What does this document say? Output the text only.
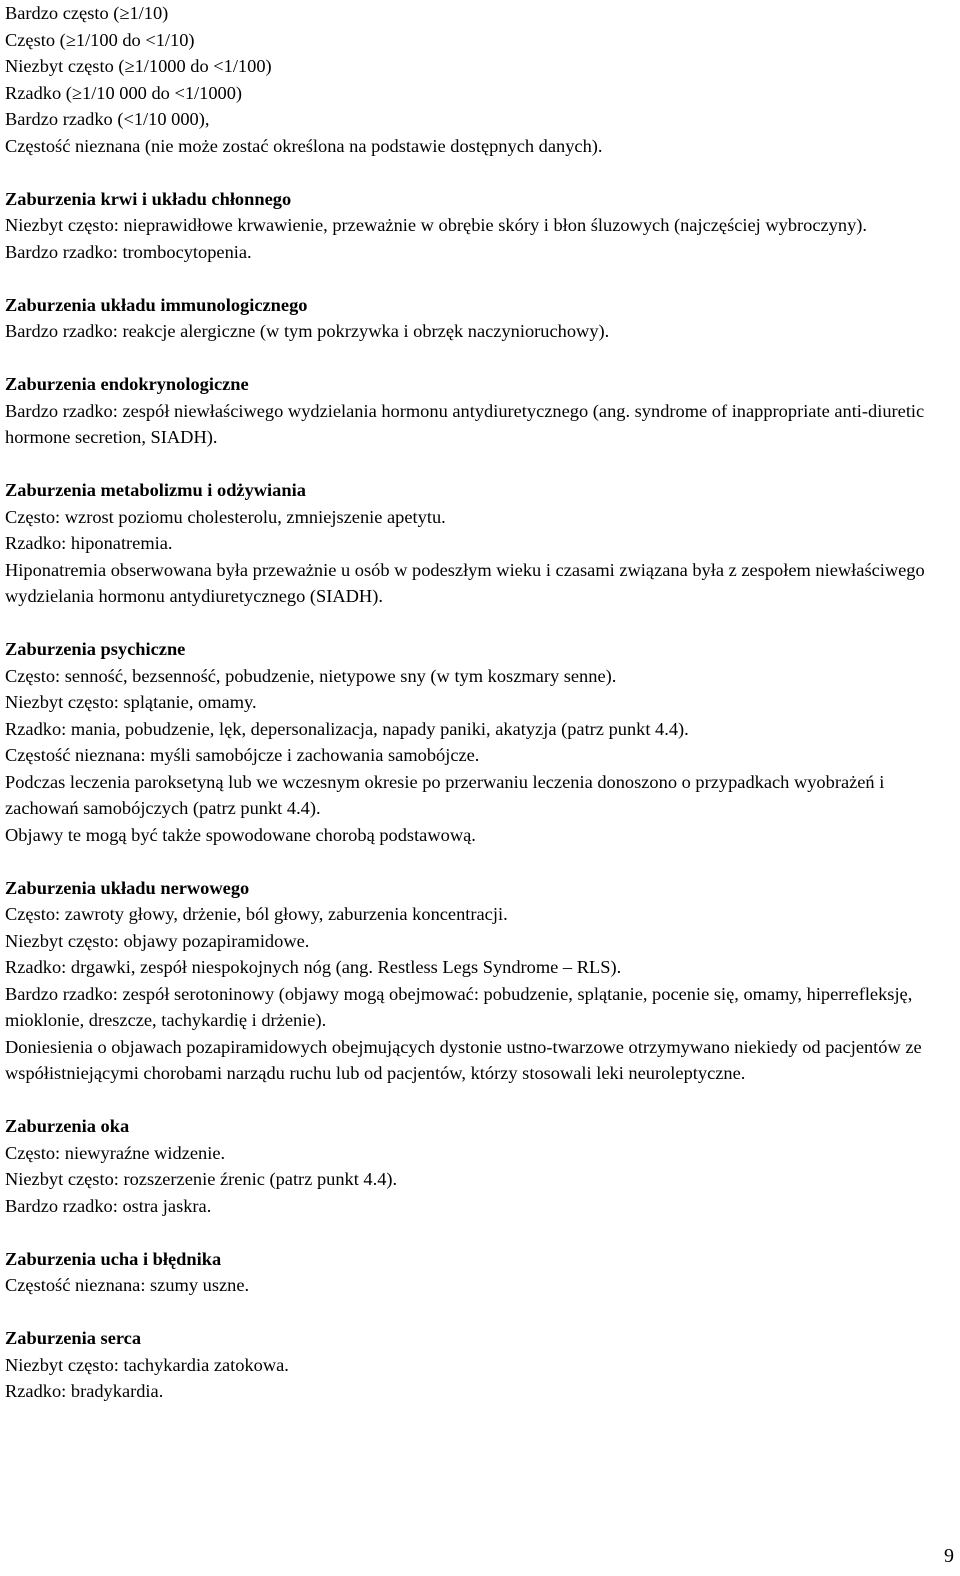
Bardzo często (≥1/10)

Często (≥1/100 do <1/10)

Niezbyt często (≥1/1000 do <1/100)

Rzadko (≥1/10 000 do <1/1000)

Bardzo rzadko (<1/10 000),

Częstość nieznana (nie może zostać określona na podstawie dostępnych danych).

Zaburzenia krwi i układu chłonnego

Niezbyt często: nieprawidłowe krwawienie, przeważnie w obrębie skóry i błon śluzowych (najczęściej wybroczyny).

Bardzo rzadko: trombocytopenia.

Zaburzenia układu immunologicznego

Bardzo rzadko: reakcje alergiczne (w tym pokrzywka i obrzęk naczynioruchowy).

Zaburzenia endokrynologiczne

Bardzo rzadko: zespół niewłaściwego wydzielania hormonu antydiuretycznego (ang. syndrome of inappropriate anti-diuretic hormone secretion, SIADH).

Zaburzenia metabolizmu i odżywiania

Często: wzrost poziomu cholesterolu, zmniejszenie apetytu.

Rzadko: hiponatremia.

Hiponatremia obserwowana była przeważnie u osób w podeszłym wieku i czasami związana była z zespołem niewłaściwego wydzielania hormonu antydiuretycznego (SIADH).

Zaburzenia psychiczne

Często: senność, bezsenność, pobudzenie, nietypowe sny (w tym koszmary senne).

Niezbyt często: splątanie, omamy.

Rzadko: mania, pobudzenie, lęk, depersonalizacja, napady paniki, akatyzja (patrz punkt 4.4).

Częstość nieznana: myśli samobójcze i zachowania samobójcze.

Podczas leczenia paroksetyną lub we wczesnym okresie po przerwaniu leczenia donoszono o przypadkach wyobrażeń i zachowań samobójczych (patrz punkt 4.4).

Objawy te mogą być także spowodowane chorobą podstawową.

Zaburzenia układu nerwowego

Często: zawroty głowy, drżenie, ból głowy, zaburzenia koncentracji.

Niezbyt często: objawy pozapiramidowe.

Rzadko: drgawki, zespół niespokojnych nóg (ang. Restless Legs Syndrome – RLS).

Bardzo rzadko: zespół serotoninowy (objawy mogą obejmować: pobudzenie, splątanie, pocenie się, omamy, hiperrefleksję, mioklonie, dreszcze, tachykardię i drżenie).

Doniesienia o objawach pozapiramidowych obejmujących dystonie ustno-twarzowe otrzymywano niekiedy od pacjentów ze współistniejącymi chorobami narządu ruchu lub od pacjentów, którzy stosowali leki neuroleptyczne.

Zaburzenia oka

Często: niewyraźne widzenie.

Niezbyt często: rozszerzenie źrenic (patrz punkt 4.4).

Bardzo rzadko: ostra jaskra.

Zaburzenia ucha i błędnika

Częstość nieznana: szumy uszne.

Zaburzenia serca

Niezbyt często: tachykardia zatokowa.

Rzadko: bradykardia.

9
